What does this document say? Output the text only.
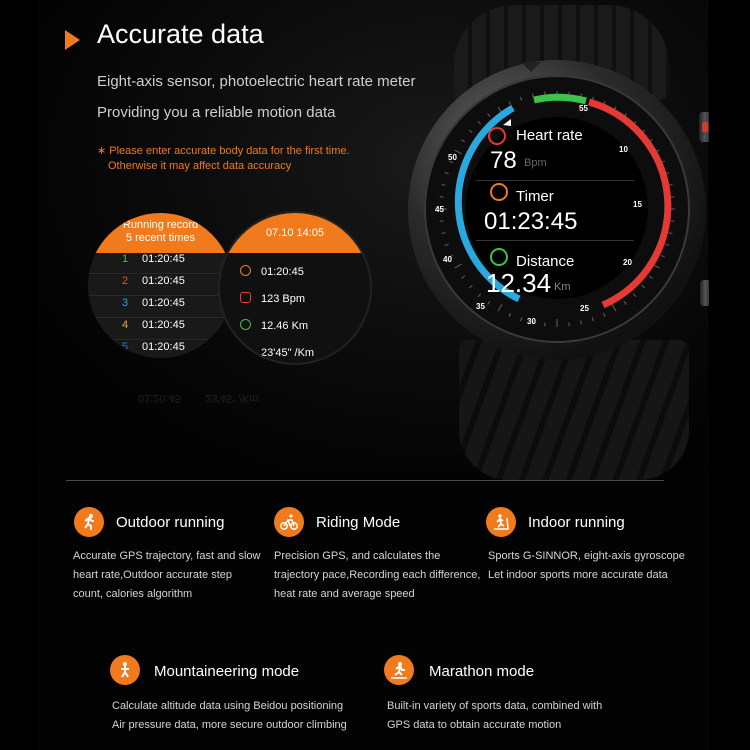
Accurate data
Eight-axis sensor, photoelectric heart rate meter
Providing you a reliable motion data
∗ Please enter accurate body data for the first time.
Otherwise it may affect data accuracy
Running record
5 recent times
1 01:20:45
2 01:20:45
3 01:20:45
4 01:20:45
5 01:20:45	▶
07.10 14:05
01:20:45
123 Bpm
12.46 Km
23'45" /Km
01:20:45        23'45" /Km
55
10
15
20
25
30
35
40
45
50
Heart rate
78 Bpm
Timer
01:23:45
Distance
12.34 Km
Outdoor running
Accurate GPS trajectory, fast and slow
heart rate,Outdoor accurate step
count, calories algorithm
Riding Mode
Precision GPS, and calculates the
trajectory pace,Recording each difference,
heat rate and average speed
Indoor running
Sports G-SINNOR, eight-axis gyroscope
Let indoor sports more accurate data
Mountaineering mode
Calculate altitude data using Beidou positioning
Air pressure data, more secure outdoor climbing
Marathon mode
Built-in variety of sports data, combined with
GPS data to obtain accurate motion
